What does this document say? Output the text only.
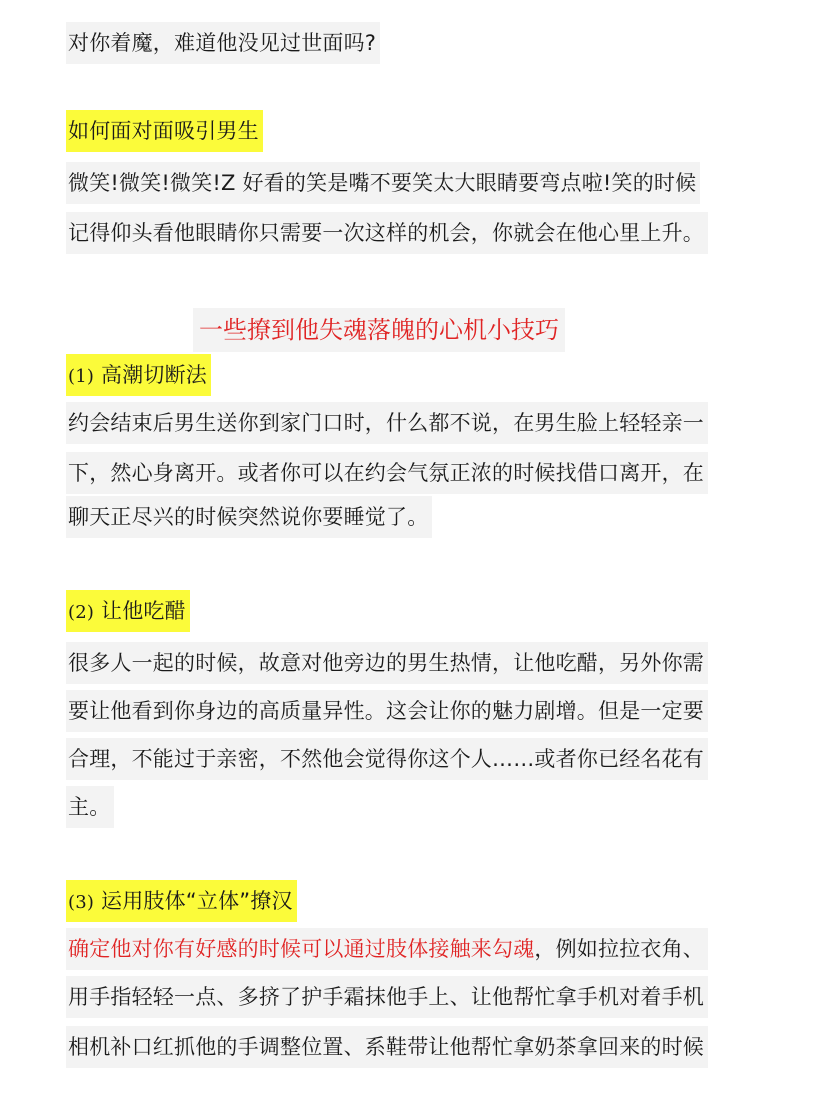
对你着魔，难道他没见过世面吗?
如何面对面吸引男生
微笑!微笑!微笑!Z 好看的笑是嘴不要笑太大眼睛要弯点啦!笑的时候
记得仰头看他眼睛你只需要一次这样的机会，你就会在他心里上升。
一些撩到他失魂落魄的心机小技巧
(1) 高潮切断法
约会结束后男生送你到家门口时，什么都不说，在男生脸上轻轻亲一
下，然心身离开。或者你可以在约会气氛正浓的时候找借口离开，在
聊天正尽兴的时候突然说你要睡觉了。
(2) 让他吃醋
很多人一起的时候，故意对他旁边的男生热情，让他吃醋，另外你需
要让他看到你身边的高质量异性。这会让你的魅力剧增。但是一定要
合理，不能过于亲密，不然他会觉得你这个人……或者你已经名花有
主。
(3) 运用肢体“立体”撩汉
确定他对你有好感的时候可以通过肢体接触来勾魂，例如拉拉衣角、
用手指轻轻一点、多挤了护手霜抹他手上、让他帮忙拿手机对着手机
相机补口红抓他的手调整位置、系鞋带让他帮忙拿奶茶拿回来的时候
